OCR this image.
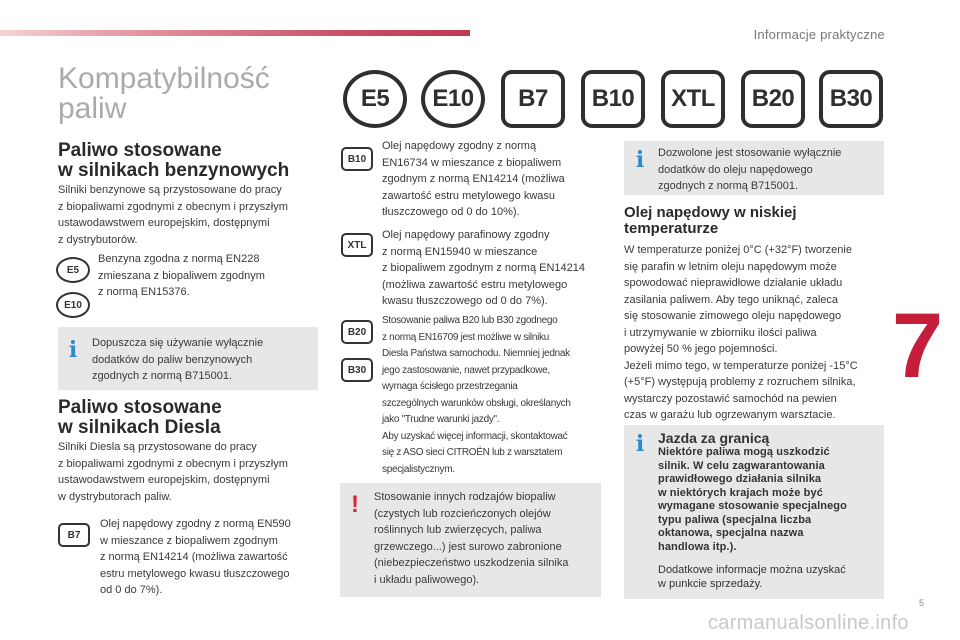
Informacje praktyczne
7
Kompatybilność
paliw	E5	E10	B7	B10	XTL	B20	B30
Paliwo stosowane
w silnikach benzynowych
Silniki benzynowe są przystosowane do pracy
z biopaliwami zgodnymi z obecnym i przyszłym
ustawodawstwem europejskim, dostępnymi
z dystrybutorów.
E5
E10
Benzyna zgodna z normą EN228
zmieszana z biopaliwem zgodnym
z normą EN15376.
i Dopuszcza się używanie wyłącznie
dodatków do paliw benzynowych
zgodnych z normą B715001.
Paliwo stosowane
w silnikach Diesla
Silniki Diesla są przystosowane do pracy
z biopaliwami zgodnymi z obecnym i przyszłym
ustawodawstwem europejskim, dostępnymi
w dystrybutorach paliw.
B7
Olej napędowy zgodny z normą EN590
w mieszance z biopaliwem zgodnym
z normą EN14214 (możliwa zawartość
estru metylowego kwasu tłuszczowego
od 0 do 7%).
B10
Olej napędowy zgodny z normą
EN16734 w mieszance z biopaliwem
zgodnym z normą EN14214 (możliwa
zawartość estru metylowego kwasu
tłuszczowego od 0 do 10%).
XTL
Olej napędowy parafinowy zgodny
z normą EN15940 w mieszance
z biopaliwem zgodnym z normą EN14214
(możliwa zawartość estru metylowego
kwasu tłuszczowego od 0 do 7%).
B20
B30
Stosowanie paliwa B20 lub B30 zgodnego
z normą EN16709 jest możliwe w silniku
Diesla Państwa samochodu. Niemniej jednak
jego zastosowanie, nawet przypadkowe,
wymaga ścisłego przestrzegania
szczególnych warunków obsługi, określanych
jako "Trudne warunki jazdy".
Aby uzyskać więcej informacji, skontaktować
się z ASO sieci CITROËN lub z warsztatem
specjalistycznym.
! Stosowanie innych rodzajów biopaliw
(czystych lub rozcieńczonych olejów
roślinnych lub zwierzęcych, paliwa
grzewczego...) jest surowo zabronione
(niebezpieczeństwo uszkodzenia silnika
i układu paliwowego).
i Dozwolone jest stosowanie wyłącznie
dodatków do oleju napędowego
zgodnych z normą B715001.
Olej napędowy w niskiej
temperaturze
W temperaturze poniżej 0°C (+32°F) tworzenie
się parafin w letnim oleju napędowym może
spowodować nieprawidłowe działanie układu
zasilania paliwem. Aby tego uniknąć, zaleca
się stosowanie zimowego oleju napędowego
i utrzymywanie w zbiorniku ilości paliwa
powyżej 50 % jego pojemności.
Jeżeli mimo tego, w temperaturze poniżej -15°C
(+5°F) występują problemy z rozruchem silnika,
wystarczy pozostawić samochód na pewien
czas w garażu lub ogrzewanym warsztacie.
i Jazda za granicą
Niektóre paliwa mogą uszkodzić
silnik. W celu zagwarantowania
prawidłowego działania silnika
w niektórych krajach może być
wymagane stosowanie specjalnego
typu paliwa (specjalna liczba
oktanowa, specjalna nazwa
handlowa itp.).
Dodatkowe informacje można uzyskać
w punkcie sprzedaży.
carmanualsonline.info
5
